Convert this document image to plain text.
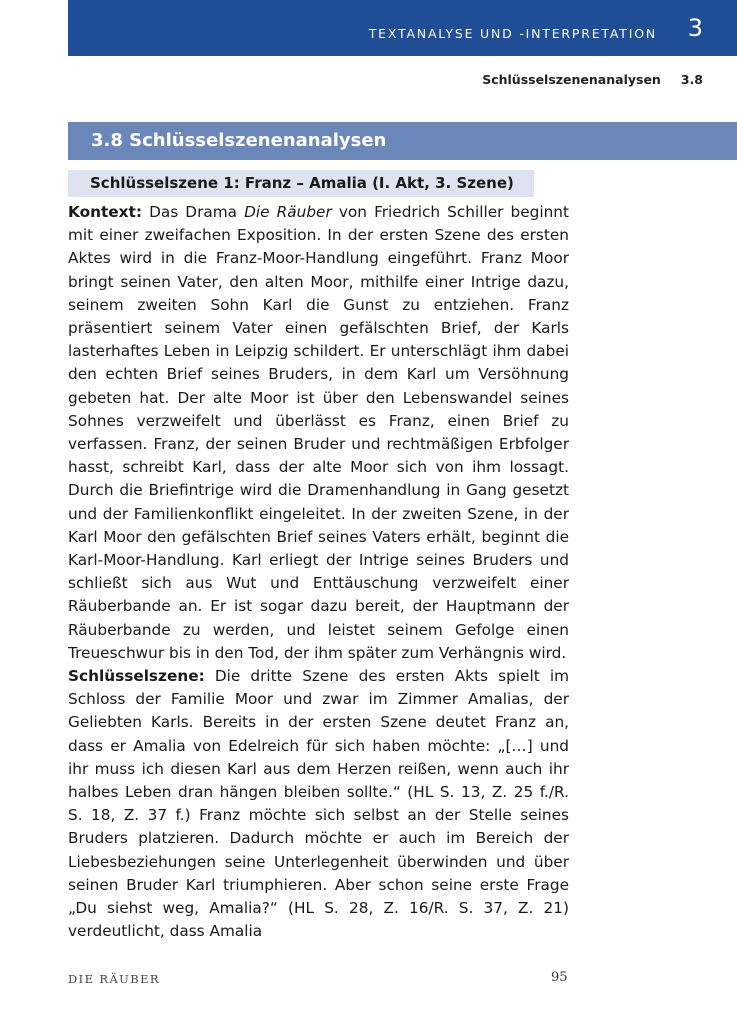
TEXTANALYSE UND -INTERPRETATION 3
Schlüsselszenenanalysen 3.8
3.8 Schlüsselszenenanalysen
Schlüsselszene 1: Franz – Amalia (I. Akt, 3. Szene)

Kontext: Das Drama Die Räuber von Friedrich Schiller beginnt mit einer zweifachen Exposition. In der ersten Szene des ersten Aktes wird in die Franz-Moor-Handlung eingeführt. Franz Moor bringt seinen Vater, den alten Moor, mithilfe einer Intrige dazu, seinem zweiten Sohn Karl die Gunst zu entziehen. Franz präsentiert seinem Vater einen gefälschten Brief, der Karls lasterhaftes Leben in Leipzig schildert. Er unterschlägt ihm dabei den echten Brief seines Bruders, in dem Karl um Versöhnung gebeten hat. Der alte Moor ist über den Lebenswandel seines Sohnes verzweifelt und überlässt es Franz, einen Brief zu verfassen. Franz, der seinen Bruder und rechtmäßigen Erbfolger hasst, schreibt Karl, dass der alte Moor sich von ihm lossagt. Durch die Briefintrige wird die Dramenhandlung in Gang gesetzt und der Familienkonflikt eingeleitet. In der zweiten Szene, in der Karl Moor den gefälschten Brief seines Vaters erhält, beginnt die Karl-Moor-Handlung. Karl erliegt der Intrige seines Bruders und schließt sich aus Wut und Enttäuschung verzweifelt einer Räuberbande an. Er ist sogar dazu bereit, der Hauptmann der Räuberbande zu werden, und leistet seinem Gefolge einen Treueschwur bis in den Tod, der ihm später zum Verhängnis wird.

Schlüsselszene: Die dritte Szene des ersten Akts spielt im Schloss der Familie Moor und zwar im Zimmer Amalias, der Geliebten Karls. Bereits in der ersten Szene deutet Franz an, dass er Amalia von Edelreich für sich haben möchte: „[…] und ihr muss ich diesen Karl aus dem Herzen reißen, wenn auch ihr halbes Leben dran hängen bleiben sollte.“ (HL S. 13, Z. 25 f./R. S. 18, Z. 37 f.) Franz möchte sich selbst an der Stelle seines Bruders platzieren. Dadurch möchte er auch im Bereich der Liebesbeziehungen seine Unterlegenheit überwinden und über seinen Bruder Karl triumphieren. Aber schon seine erste Frage „Du siehst weg, Amalia?“ (HL S. 28, Z. 16/R. S. 37, Z. 21) verdeutlicht, dass Amalia

DIE RÄUBER	95
